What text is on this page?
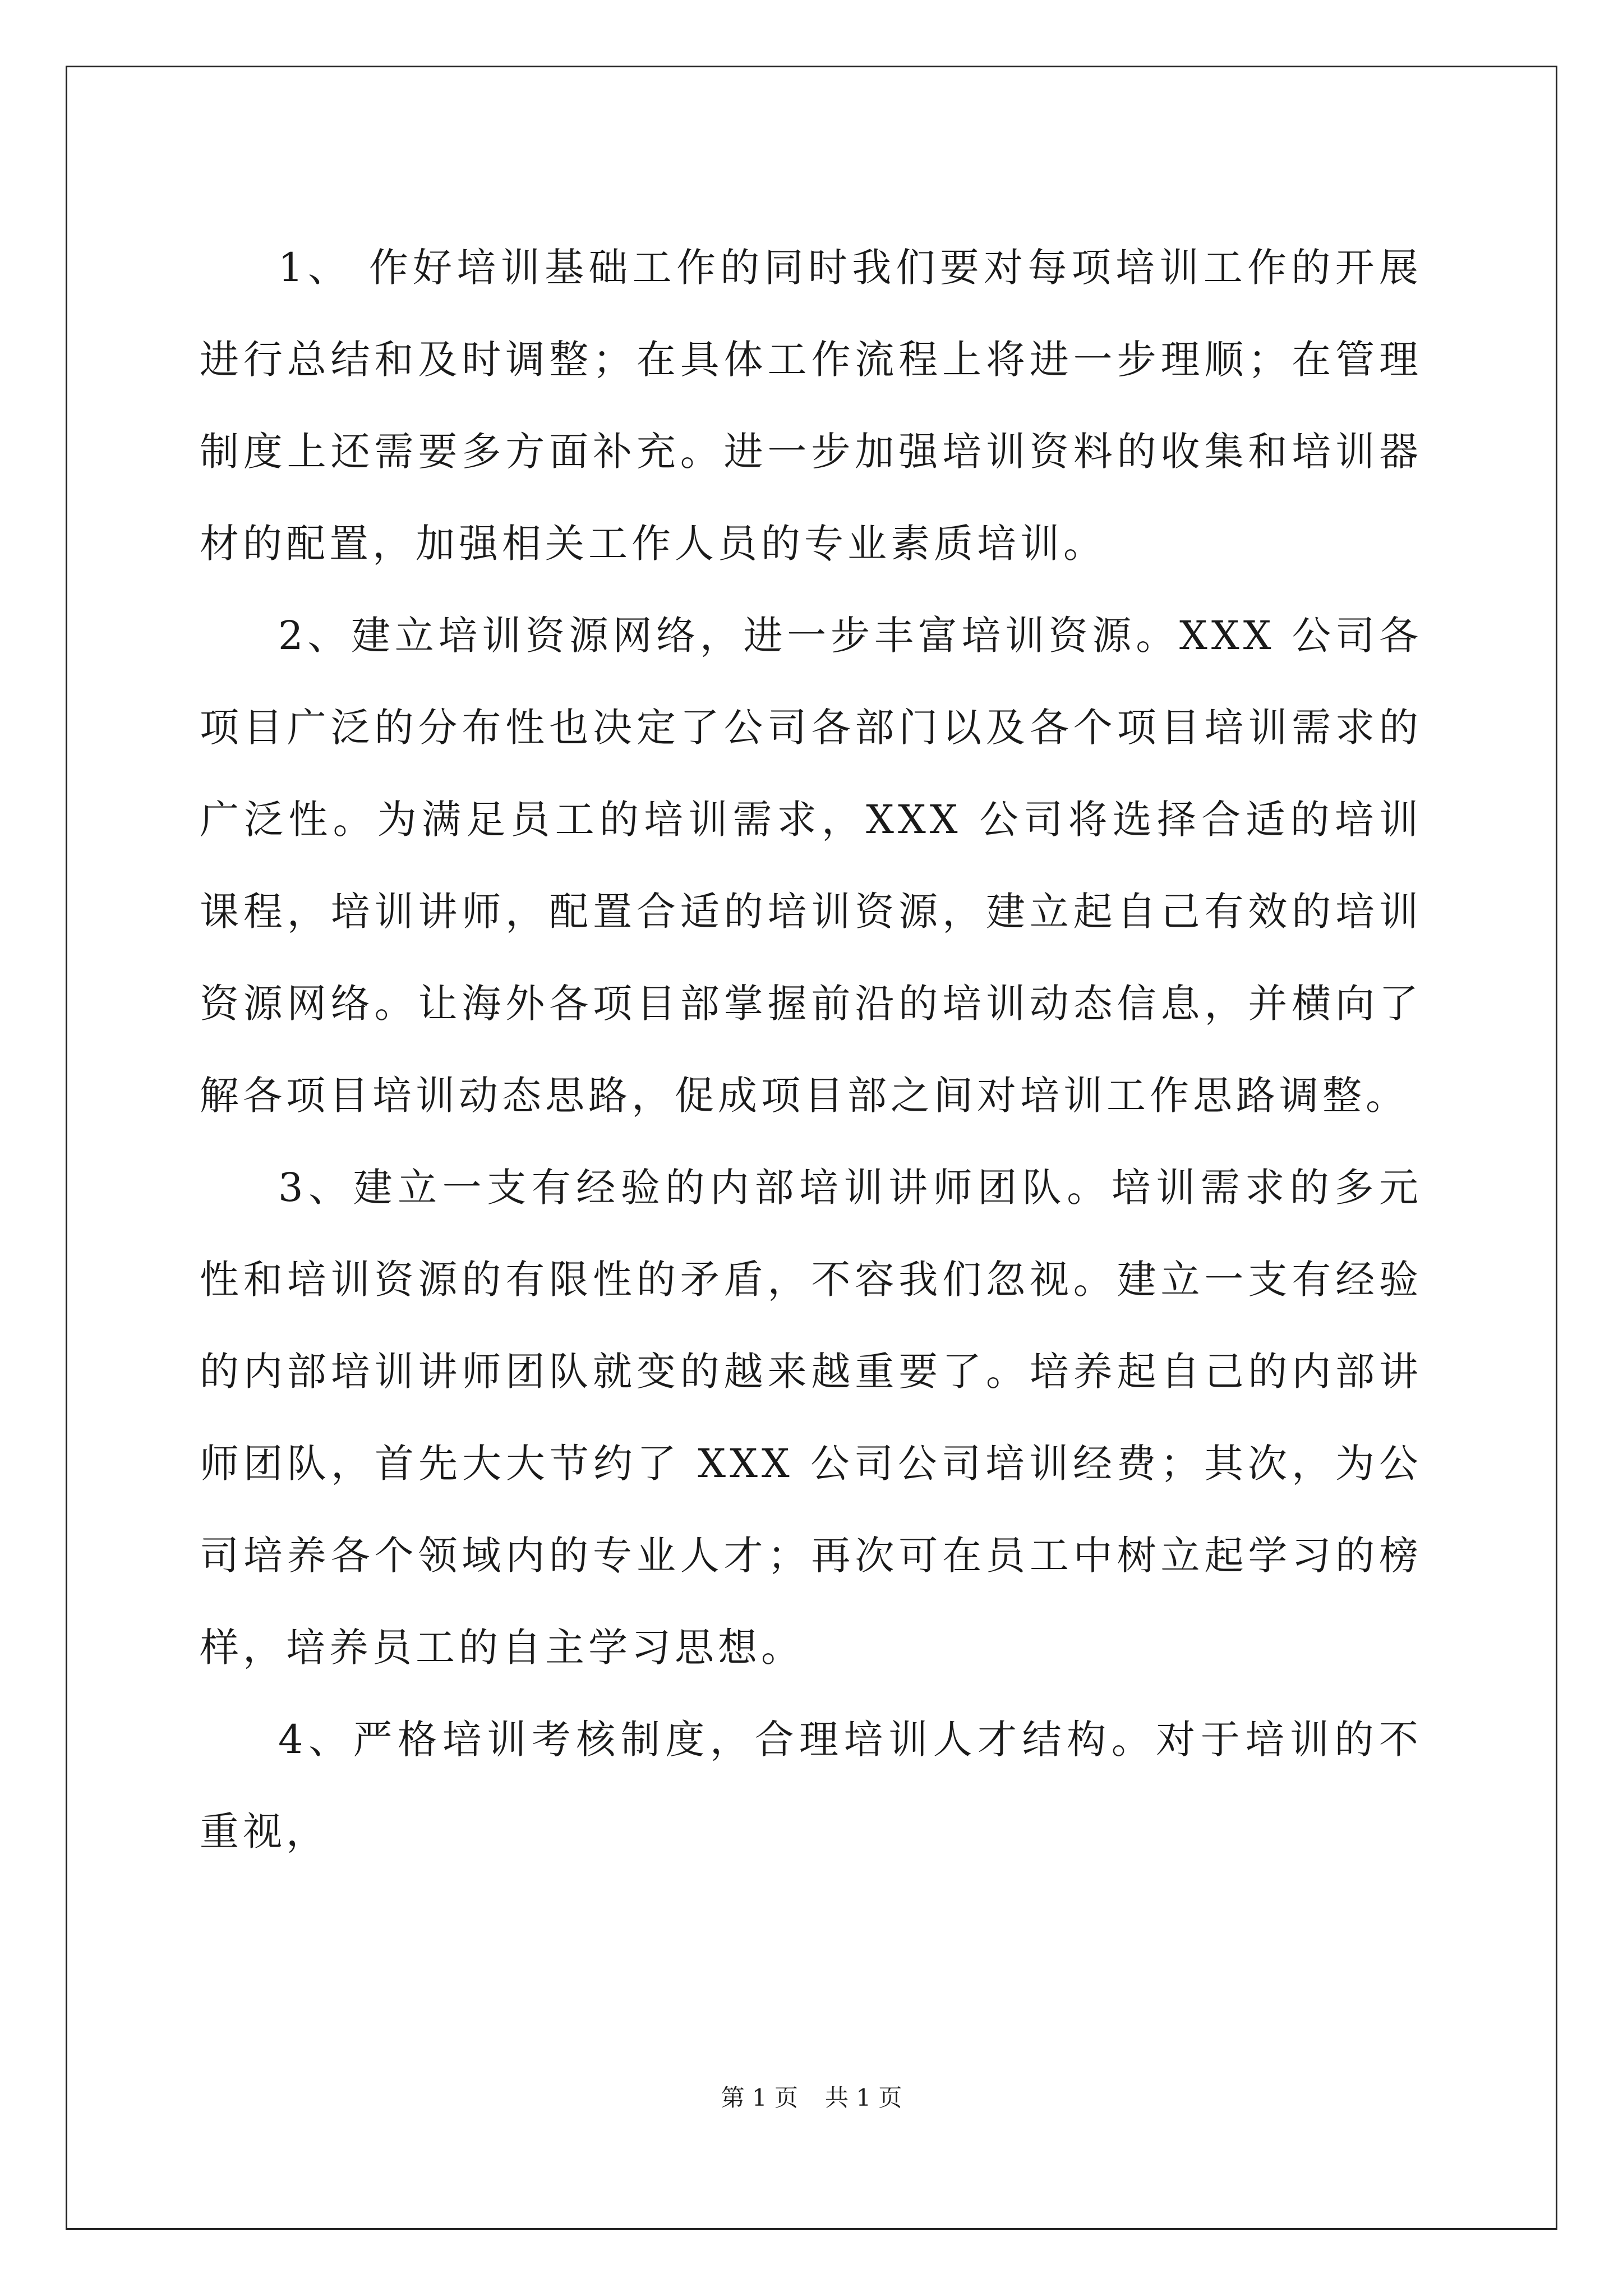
1、 作好培训基础工作的同时我们要对每项培训工作的开展进行总结和及时调整；在具体工作流程上将进一步理顺；在管理制度上还需要多方面补充。进一步加强培训资料的收集和培训器材的配置，加强相关工作人员的专业素质培训。

2、建立培训资源网络，进一步丰富培训资源。XXX 公司各项目广泛的分布性也决定了公司各部门以及各个项目培训需求的广泛性。为满足员工的培训需求，XXX 公司将选择合适的培训课程，培训讲师，配置合适的培训资源，建立起自己有效的培训资源网络。让海外各项目部掌握前沿的培训动态信息，并横向了解各项目培训动态思路，促成项目部之间对培训工作思路调整。

3、建立一支有经验的内部培训讲师团队。培训需求的多元性和培训资源的有限性的矛盾，不容我们忽视。建立一支有经验的内部培训讲师团队就变的越来越重要了。培养起自己的内部讲师团队，首先大大节约了 XXX 公司公司培训经费；其次，为公司培养各个领域内的专业人才；再次可在员工中树立起学习的榜样，培养员工的自主学习思想。

4、严格培训考核制度，合理培训人才结构。对于培训的不重视，

第 1 页 共 1 页
